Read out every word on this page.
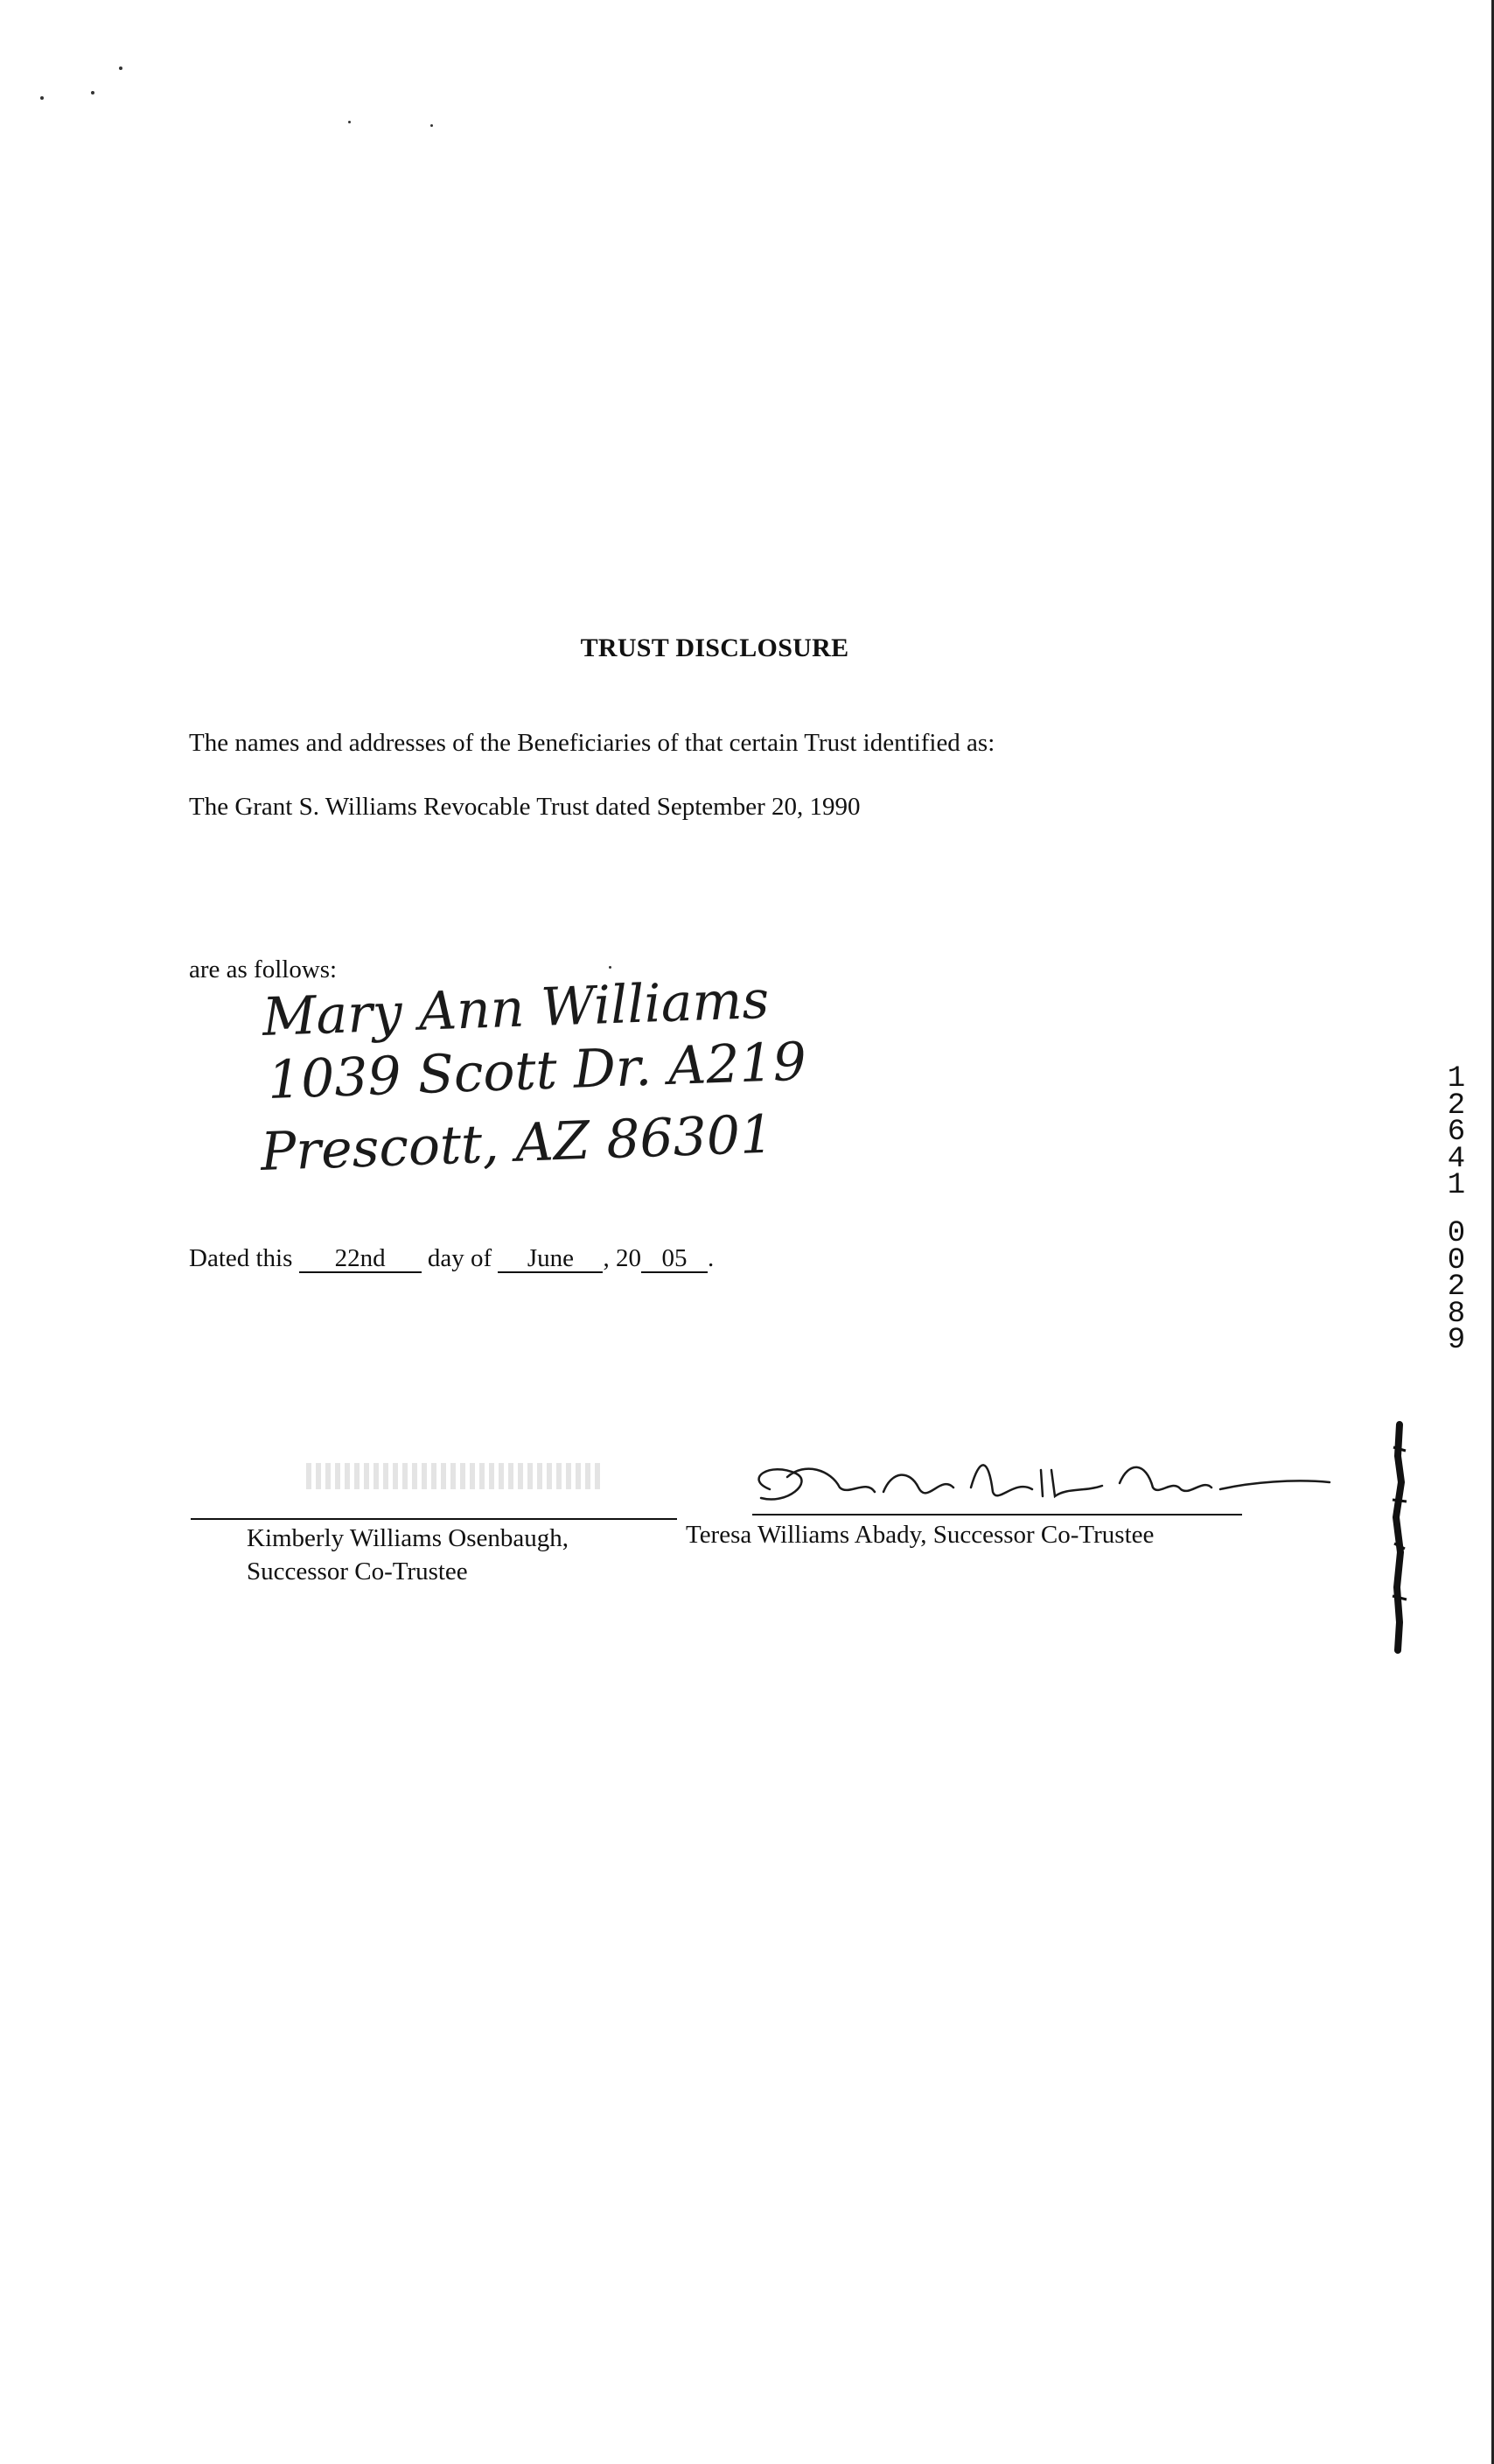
TRUST DISCLOSURE
The names and addresses of the Beneficiaries of that certain Trust identified as:
The Grant S. Williams Revocable Trust dated September 20, 1990
are as follows:
Mary Ann Williams
1039 Scott Dr. A219
Prescott, AZ 86301
Dated this 22nd day of June , 20 05 .
Kimberly Williams Osenbaugh,
Successor Co-Trustee
Teresa Williams Abady, Successor Co-Trustee
1
2
6
4
1
0
0
2
8
9
